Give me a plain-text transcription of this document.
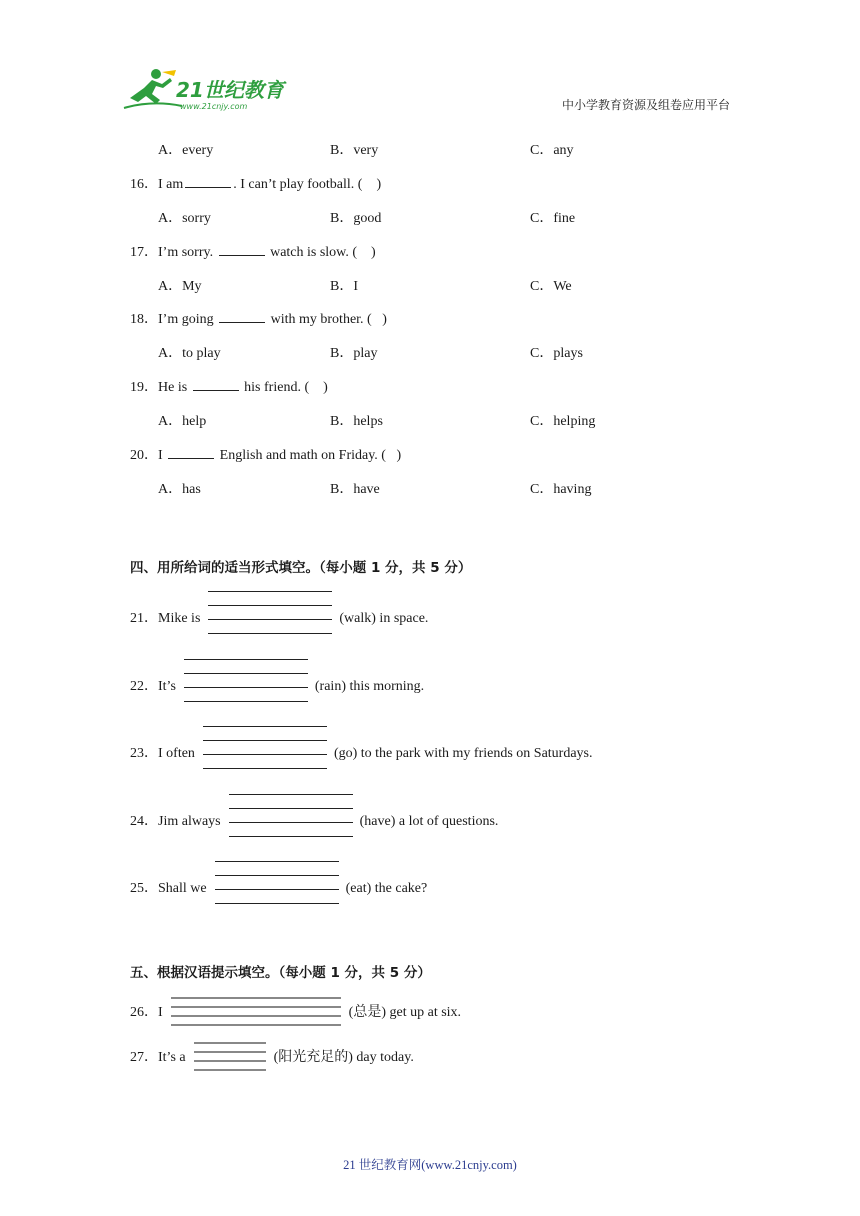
21世纪教育
www.21cnjy.com	中小学教育资源及组卷应用平台
A．every	B．very	C．any
16．I am	. I can’t play football. ( )
A．sorry	B．good	C．fine
17．I’m sorry.	watch is slow. ( )
A．My	B．I	C．We
18．I’m going	with my brother. ( )
A．to play	B．play	C．plays
19．He is	his friend. ( )
A．help	B．helps	C．helping
20．I	English and math on Friday. ( )
A．has	B．have	C．having
四、用所给词的适当形式填空。（每小题 1 分，共 5 分）
21．Mike is	(walk) in space.
22．It’s	(rain) this morning.
23．I often	(go) to the park with my friends on Saturdays.
24．Jim always	(have) a lot of questions.
25．Shall we	(eat) the cake?
五、根据汉语提示填空。（每小题 1 分，共 5 分）
26．I	(总是) get up at six.
27．It’s a	(阳光充足的) day today.
21 世纪教育网(www.21cnjy.com)
